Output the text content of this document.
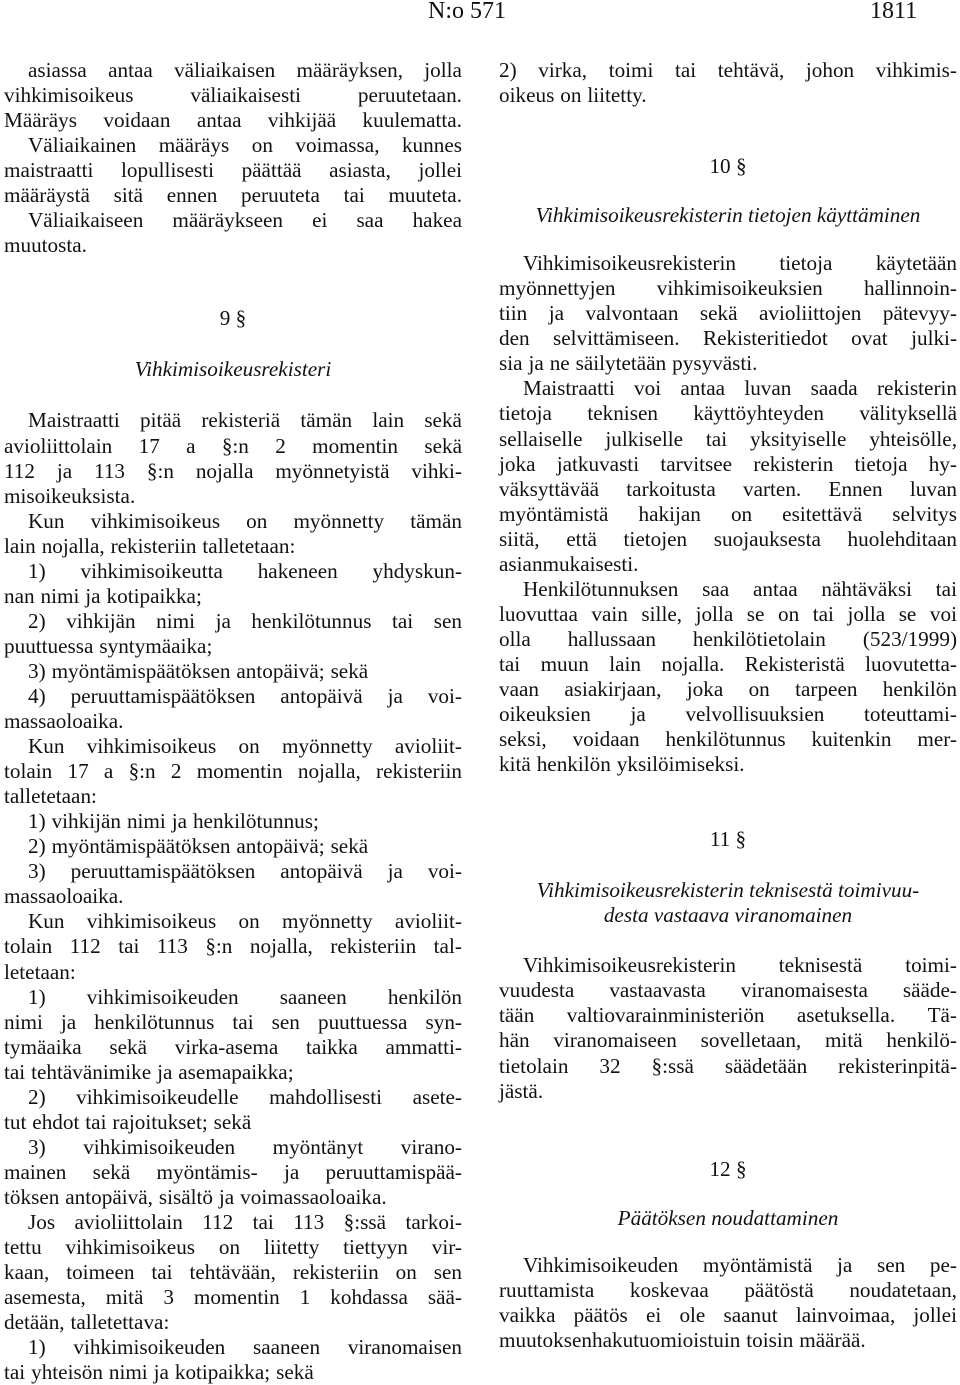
N:o 571	1811
asiassa antaa väliaikaisen määräyksen, jolla
vihkimisoikeus	väliaikaisesti	peruutetaan.
Määräys voidaan antaa vihkijää kuulematta.
Väliaikainen määräys on voimassa, kunnes
maistraatti lopullisesti päättää asiasta, jollei
määräystä sitä ennen peruuteta tai muuteta.
Väliaikaiseen määräykseen ei saa hakea
muutosta.
9 §
Vihkimisoikeusrekisteri
Maistraatti pitää rekisteriä tämän lain sekä
avioliittolain 17 a §:n 2 momentin sekä
112 ja 113 §:n nojalla myönnetyistä vihki-
misoikeuksista.
Kun vihkimisoikeus on myönnetty tämän
lain nojalla, rekisteriin talletetaan:
1) vihkimisoikeutta hakeneen yhdyskun-
nan nimi ja kotipaikka;
2) vihkijän nimi ja henkilötunnus tai sen
puuttuessa syntymäaika;
3) myöntämispäätöksen antopäivä; sekä
4) peruuttamispäätöksen antopäivä ja voi-
massaoloaika.
Kun vihkimisoikeus on myönnetty avioliit-
tolain 17 a §:n 2 momentin nojalla, rekisteriin
talletetaan:
1) vihkijän nimi ja henkilötunnus;
2) myöntämispäätöksen antopäivä; sekä
3) peruuttamispäätöksen antopäivä ja voi-
massaoloaika.
Kun vihkimisoikeus on myönnetty avioliit-
tolain 112 tai 113 §:n nojalla, rekisteriin tal-
letetaan:
1) vihkimisoikeuden saaneen henkilön
nimi ja henkilötunnus tai sen puuttuessa syn-
tymäaika sekä virka-asema taikka ammatti-
tai tehtävänimike ja asemapaikka;
2) vihkimisoikeudelle mahdollisesti asete-
tut ehdot tai rajoitukset; sekä
3) vihkimisoikeuden myöntänyt virano-
mainen sekä myöntämis- ja peruuttamispää-
töksen antopäivä, sisältö ja voimassaoloaika.
Jos avioliittolain 112 tai 113 §:ssä tarkoi-
tettu vihkimisoikeus on liitetty tiettyyn vir-
kaan, toimeen tai tehtävään, rekisteriin on sen
asemesta, mitä 3 momentin 1 kohdassa sää-
detään, talletettava:
1) vihkimisoikeuden saaneen viranomaisen
tai yhteisön nimi ja kotipaikka; sekä
2) virka, toimi tai tehtävä, johon vihkimis-
oikeus on liitetty.
10 §
Vihkimisoikeusrekisterin tietojen käyttäminen
Vihkimisoikeusrekisterin tietoja käytetään
myönnettyjen vihkimisoikeuksien hallinnoin-
tiin ja valvontaan sekä avioliittojen pätevyy-
den selvittämiseen. Rekisteritiedot ovat julki-
sia ja ne säilytetään pysyvästi.
Maistraatti voi antaa luvan saada rekisterin
tietoja teknisen käyttöyhteyden välityksellä
sellaiselle julkiselle tai yksityiselle yhteisölle,
joka jatkuvasti tarvitsee rekisterin tietoja hy-
väksyttävää tarkoitusta varten. Ennen luvan
myöntämistä hakijan on esitettävä selvitys
siitä, että tietojen suojauksesta huolehditaan
asianmukaisesti.
Henkilötunnuksen saa antaa nähtäväksi tai
luovuttaa vain sille, jolla se on tai jolla se voi
olla hallussaan henkilötietolain (523/1999)
tai muun lain nojalla. Rekisteristä luovutetta-
vaan asiakirjaan, joka on tarpeen henkilön
oikeuksien ja velvollisuuksien toteuttami-
seksi, voidaan henkilötunnus kuitenkin mer-
kitä henkilön yksilöimiseksi.
11 §
Vihkimisoikeusrekisterin teknisestä toimivuu-
desta vastaava viranomainen
Vihkimisoikeusrekisterin teknisestä toimi-
vuudesta vastaavasta viranomaisesta sääde-
tään valtiovarainministeriön asetuksella. Tä-
hän viranomaiseen sovelletaan, mitä henkilö-
tietolain 32 §:ssä säädetään rekisterinpitä-
jästä.
12 §
Päätöksen noudattaminen
Vihkimisoikeuden myöntämistä ja sen pe-
ruuttamista koskevaa päätöstä noudatetaan,
vaikka päätös ei ole saanut lainvoimaa, jollei
muutoksenhakutuomioistuin toisin määrää.
